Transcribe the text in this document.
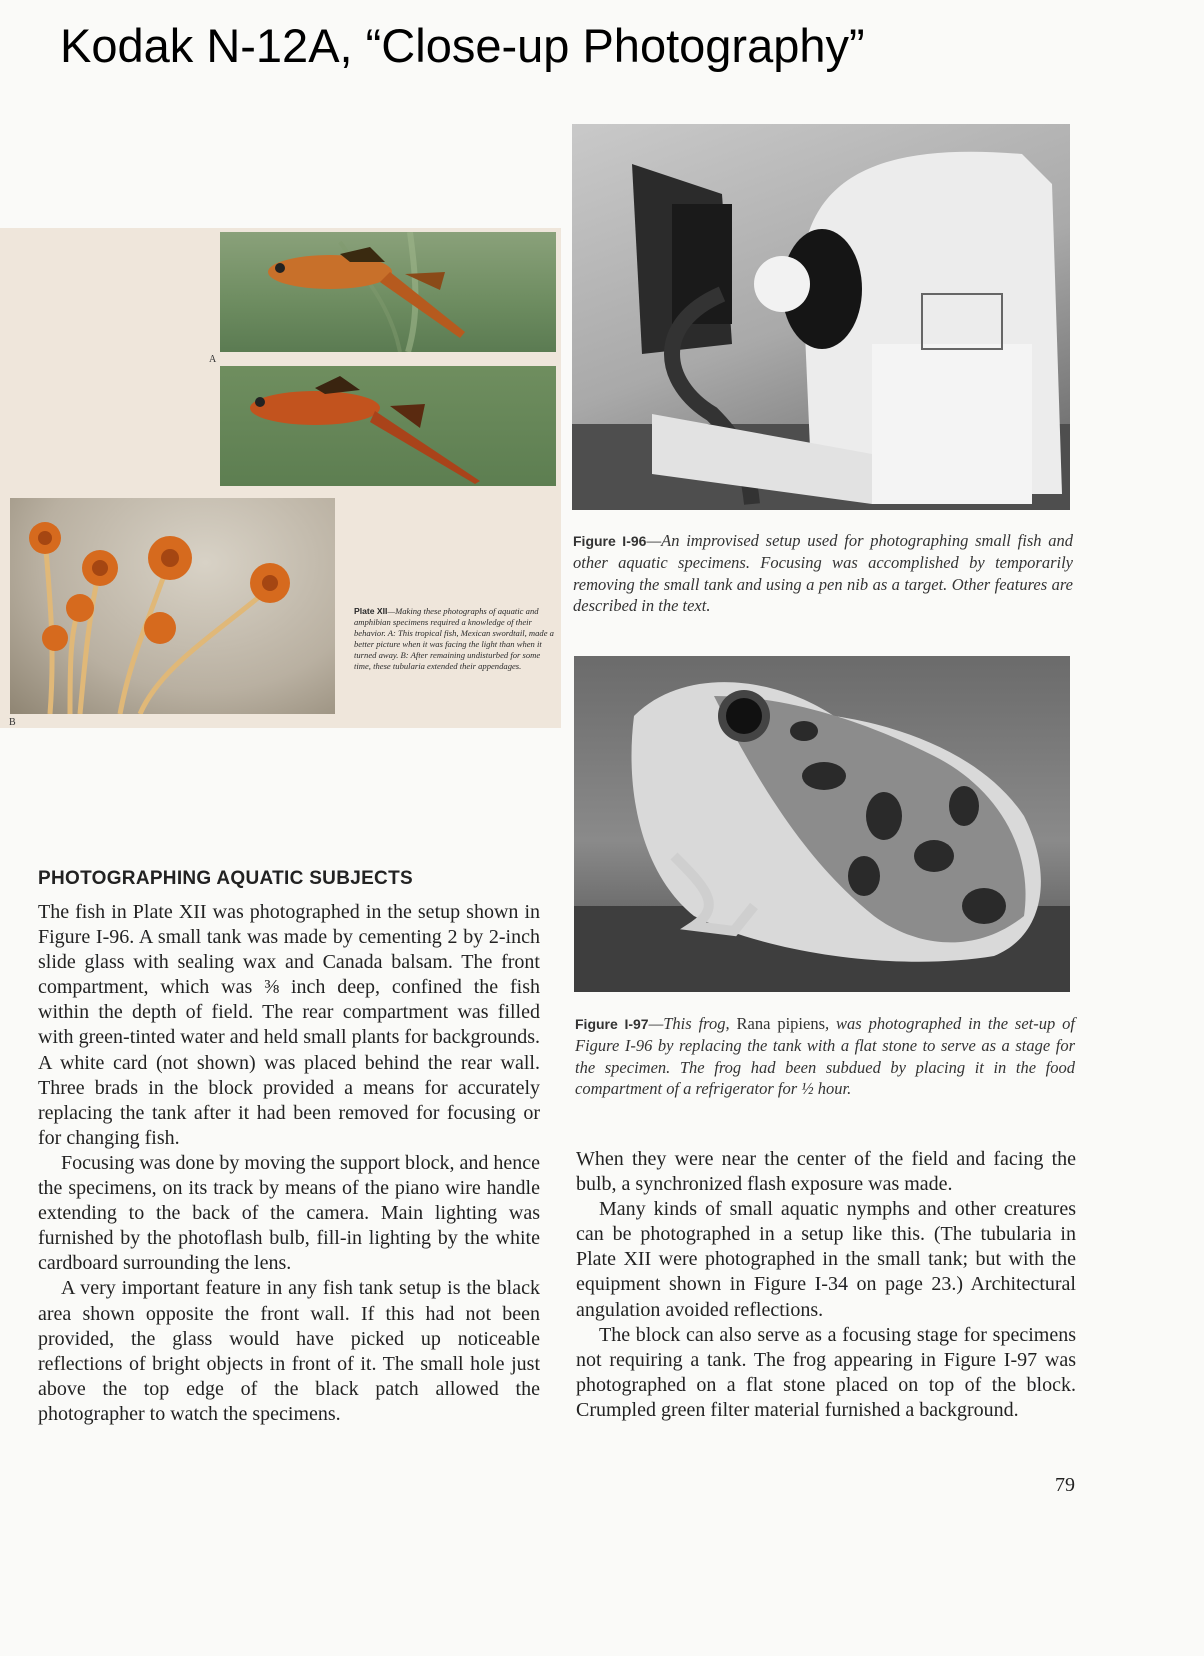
Kodak N-12A, “Close-up Photography”
A
B
Plate XII—Making these photographs of aquatic and amphibian specimens required a knowledge of their behavior. A: This tropical fish, Mexican swordtail, made a better picture when it was facing the light than when it turned away. B: After remaining undisturbed for some time, these tubularia extended their appendages.
Figure I-96—An improvised setup used for photographing small fish and other aquatic specimens. Focusing was accomplished by temporarily removing the small tank and using a pen nib as a target. Other features are described in the text.
Figure I-97—This frog, Rana pipiens, was photographed in the set-up of Figure I-96 by replacing the tank with a flat stone to serve as a stage for the specimen. The frog had been subdued by placing it in the food compartment of a refrigerator for ½ hour.
PHOTOGRAPHING AQUATIC SUBJECTS

The fish in Plate XII was photographed in the setup shown in Figure I-96. A small tank was made by cementing 2 by 2-inch slide glass with sealing wax and Canada balsam. The front compartment, which was ⅜ inch deep, confined the fish within the depth of field. The rear compartment was filled with green-tinted water and held small plants for backgrounds. A white card (not shown) was placed behind the rear wall. Three brads in the block provided a means for accurately replacing the tank after it had been removed for focusing or for changing fish.

Focusing was done by moving the support block, and hence the specimens, on its track by means of the piano wire handle extending to the back of the camera. Main lighting was furnished by the photoflash bulb, fill-in lighting by the white cardboard surrounding the lens.

A very important feature in any fish tank setup is the black area shown opposite the front wall. If this had not been provided, the glass would have picked up noticeable reflections of bright objects in front of it. The small hole just above the top edge of the black patch allowed the photographer to watch the specimens.

When they were near the center of the field and facing the bulb, a synchronized flash exposure was made.

Many kinds of small aquatic nymphs and other creatures can be photographed in a setup like this. (The tubularia in Plate XII were photographed in the small tank; but with the equipment shown in Figure I-34 on page 23.) Architectural angulation avoided reflections.

The block can also serve as a focusing stage for specimens not requiring a tank. The frog appearing in Figure I-97 was photographed on a flat stone placed on top of the block. Crumpled green filter material furnished a background.

79
